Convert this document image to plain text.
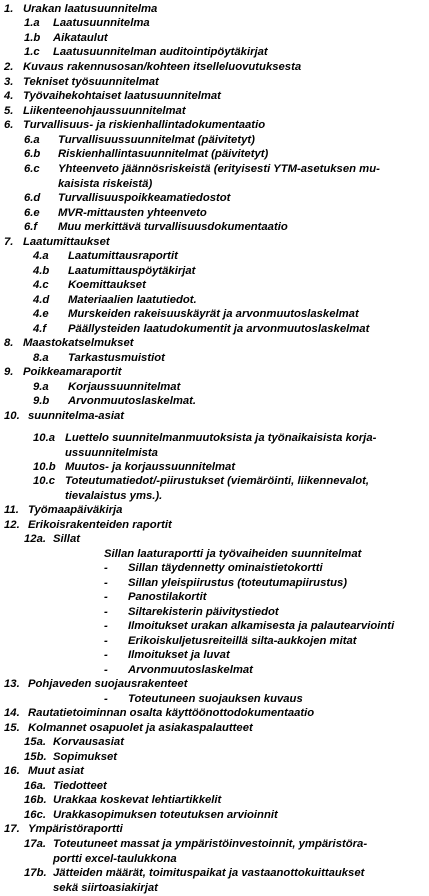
1. Urakan laatusuunnitelma
1.a Laatusuunnitelma
1.b Aikataulut
1.c Laatusuunnitelman auditointipöytäkirjat
2. Kuvaus rakennusosan/kohteen itselleluovutuksesta
3. Tekniset työsuunnitelmat
4. Työvaihekohtaiset laatusuunnitelmat
5. Liikenteenohjaussuunnitelmat
6. Turvallisuus- ja riskienhallintadokumentaatio
6.a Turvallisuussuunnitelmat (päivitetyt)
6.b Riskienhallintasuunnitelmat (päivitetyt)
6.c Yhteenveto jäännösriskeistä (erityisesti YTM-asetuksen mu-
kaisista riskeistä)
6.d Turvallisuuspoikkeamatiedostot
6.e MVR-mittausten yhteenveto
6.f Muu merkittävä turvallisuusdokumentaatio
7. Laatumittaukset
4.a Laatumittausraportit
4.b Laatumittauspöytäkirjat
4.c Koemittaukset
4.d Materiaalien laatutiedot.
4.e Murskeiden rakeisuuskäyrät ja arvonmuutoslaskelmat
4.f Päällysteiden laatudokumentit ja arvonmuutoslaskelmat
8. Maastokatselmukset
8.a Tarkastusmuistiot
9. Poikkeamaraportit
9.a Korjaussuunnitelmat
9.b Arvonmuutoslaskelmat.
10. suunnitelma-asiat
10.a Luettelo suunnitelmanmuutoksista ja työnaikaisista korja-
ussuunnitelmista
10.b Muutos- ja korjaussuunnitelmat
10.c Toteutumatiedot/-piirustukset (viemäröinti, liikennevalot,
tievalaistus yms.).
11. Työmaapäiväkirja
12. Erikoisrakenteiden raportit
12a. Sillat
Sillan laaturaportti ja työvaiheiden suunnitelmat
- Sillan täydennetty ominaistietokortti
- Sillan yleispiirustus (toteutumapiirustus)
- Panostilakortit
- Siltarekisterin päivitystiedot
- Ilmoitukset urakan alkamisesta ja palautearviointi
- Erikoiskuljetusreiteillä silta-aukkojen mitat
- Ilmoitukset ja luvat
- Arvonmuutoslaskelmat
13. Pohjaveden suojausrakenteet
- Toteutuneen suojauksen kuvaus
14. Rautatietoiminnan osalta käyttöönottodokumentaatio
15. Kolmannet osapuolet ja asiakaspalautteet
15a. Korvausasiat
15b. Sopimukset
16. Muut asiat
16a. Tiedotteet
16b. Urakkaa koskevat lehtiartikkelit
16c. Urakkasopimuksen toteutuksen arvioinnit
17. Ympäristöraportti
17a. Toteutuneet massat ja ympäristöinvestoinnit, ympäristöra-
portti excel-taulukkona
17b. Jätteiden määrät, toimituspaikat ja vastaanottokuittaukset
sekä siirtoasiakirjat
